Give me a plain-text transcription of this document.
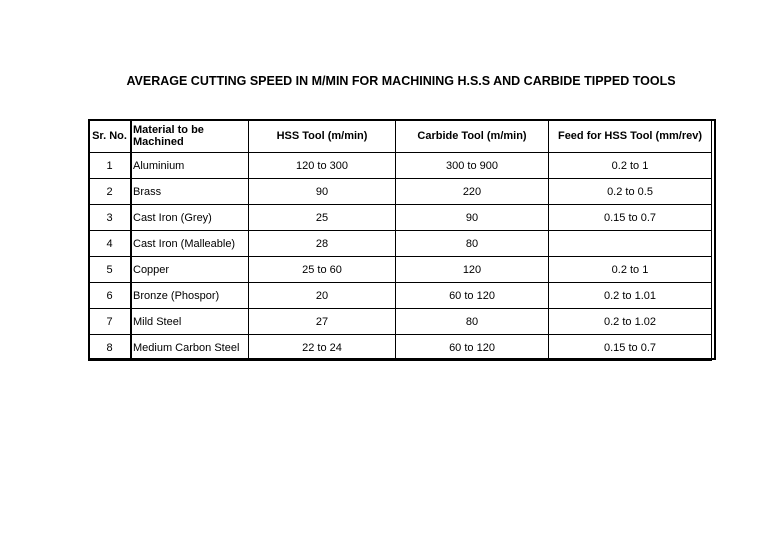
AVERAGE CUTTING SPEED IN M/MIN FOR MACHINING H.S.S AND CARBIDE TIPPED TOOLS
Sr. No.	Material to be Machined	HSS Tool (m/min)	Carbide Tool (m/min)	Feed for HSS Tool (mm/rev)
1	Aluminium	120 to 300	300 to 900	0.2 to 1
2	Brass	90	220	0.2 to 0.5
3	Cast Iron (Grey)	25	90	0.15 to 0.7
4	Cast Iron (Malleable)	28	80	
5	Copper	25 to 60	120	0.2 to 1
6	Bronze (Phospor)	20	60 to 120	0.2 to 1.01
7	Mild Steel	27	80	0.2 to 1.02
8	Medium Carbon Steel	22 to 24	60 to 120	0.15 to 0.7
